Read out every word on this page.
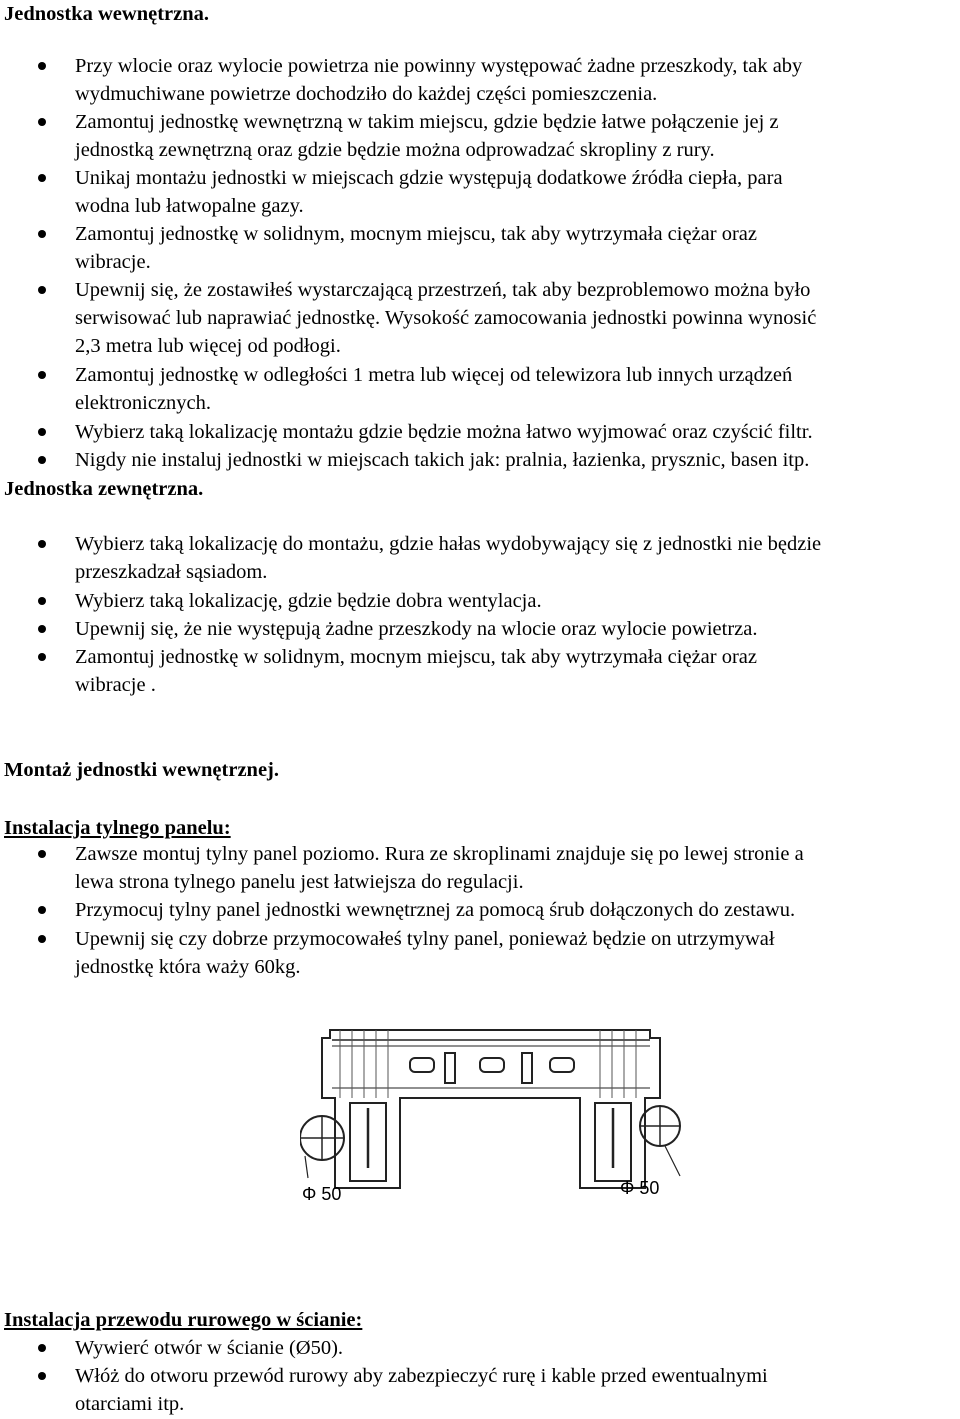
Jednostka wewnętrzna.
Przy wlocie oraz wylocie powietrza nie powinny występować żadne przeszkody, tak aby
wydmuchiwane powietrze dochodziło do każdej części pomieszczenia.
Zamontuj jednostkę wewnętrzną w takim miejscu, gdzie będzie łatwe połączenie jej z
jednostką zewnętrzną oraz gdzie będzie można odprowadzać skropliny z rury.
Unikaj montażu jednostki w miejscach gdzie występują dodatkowe źródła ciepła, para
wodna lub łatwopalne gazy.
Zamontuj jednostkę w solidnym, mocnym miejscu, tak aby wytrzymała ciężar oraz
wibracje.
Upewnij się, że zostawiłeś wystarczającą przestrzeń, tak aby bezproblemowo można było
serwisować lub naprawiać jednostkę. Wysokość zamocowania jednostki powinna wynosić
2,3 metra lub więcej od podłogi.
Zamontuj jednostkę w odległości 1 metra lub więcej od telewizora lub innych urządzeń
elektronicznych.
Wybierz taką lokalizację montażu gdzie będzie można łatwo wyjmować oraz czyścić filtr.
Nigdy nie instaluj jednostki w miejscach takich jak: pralnia, łazienka, prysznic, basen itp.
Jednostka zewnętrzna.
Wybierz taką lokalizację do montażu, gdzie hałas wydobywający się z jednostki nie będzie
przeszkadzał sąsiadom.
Wybierz taką lokalizację, gdzie będzie dobra wentylacja.
Upewnij się, że nie występują żadne przeszkody na wlocie oraz wylocie powietrza.
Zamontuj jednostkę w solidnym, mocnym miejscu, tak aby wytrzymała ciężar oraz
wibracje .
Montaż jednostki wewnętrznej.
Instalacja tylnego panelu:
Zawsze montuj tylny panel poziomo. Rura ze skroplinami znajduje się po lewej stronie a
lewa strona tylnego panelu jest łatwiejsza do regulacji.
Przymocuj tylny panel jednostki wewnętrznej za pomocą śrub dołączonych do zestawu.
Upewnij się czy dobrze przymocowałeś tylny panel, ponieważ będzie on utrzymywał
jednostkę która waży 60kg.
Φ 50	Φ 50
Instalacja przewodu rurowego w ścianie:
Wywierć otwór w ścianie (Ø50).
Włóż do otworu przewód rurowy aby zabezpieczyć rurę i kable przed ewentualnymi
otarciami itp.
